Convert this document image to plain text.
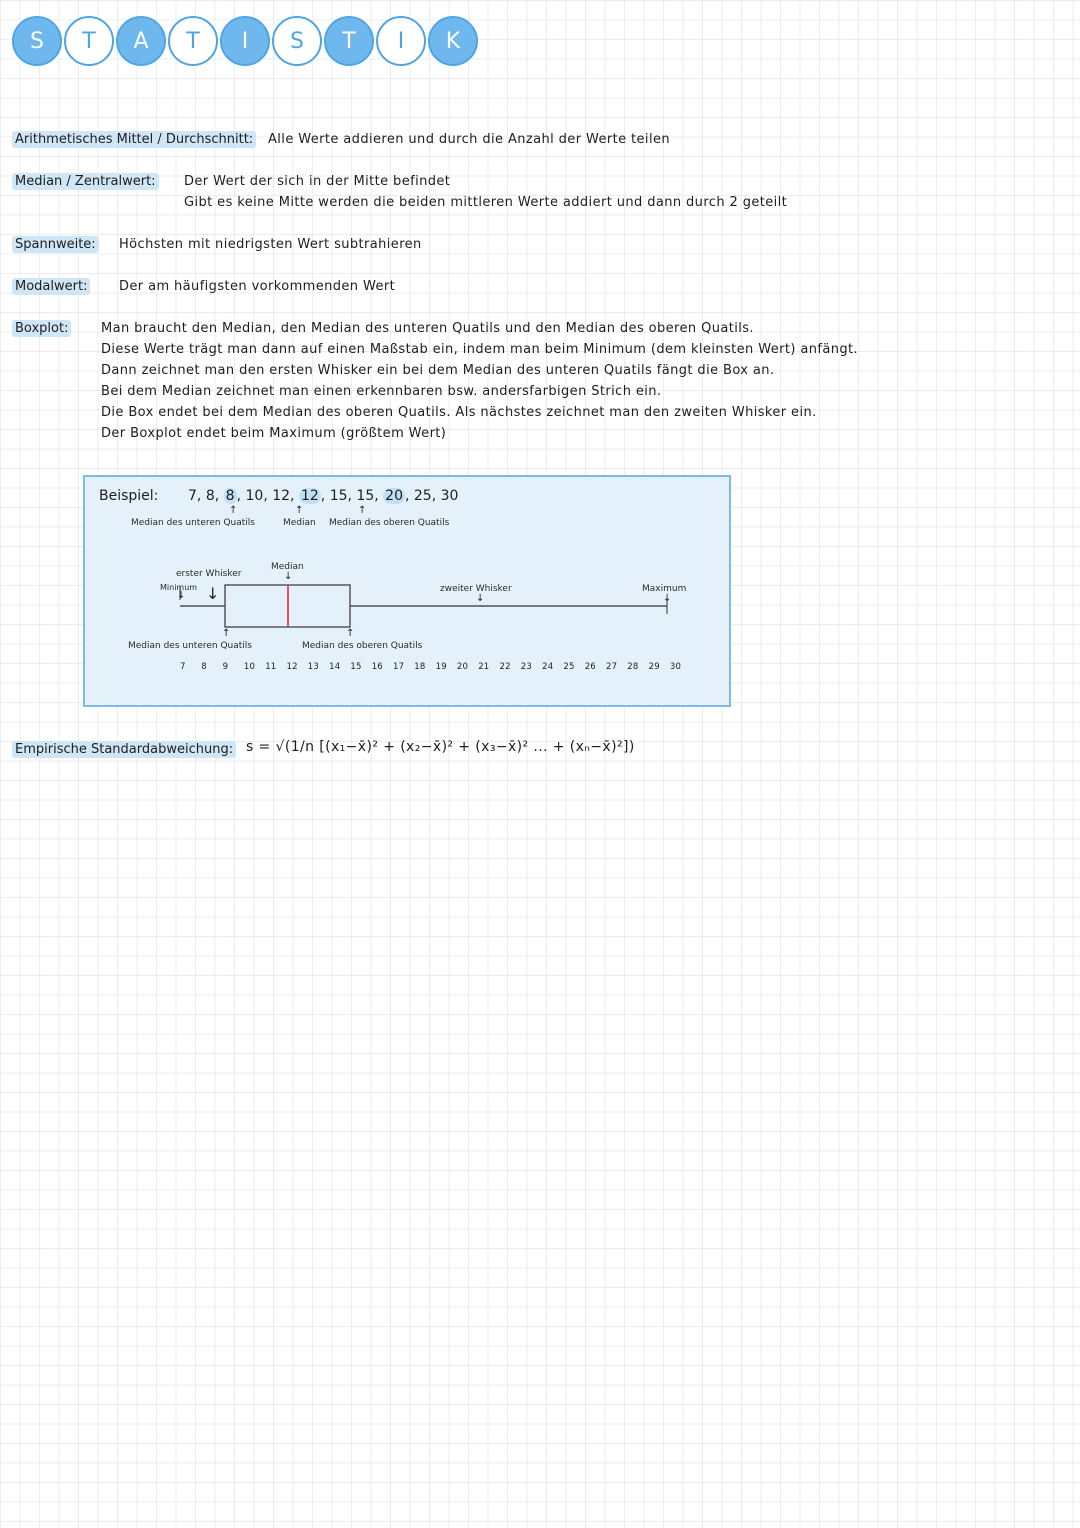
S	T	A	T	I	S	T	I	K
Arithmetisches Mittel / Durchschnitt: Alle Werte addieren und durch die Anzahl der Werte teilen
Median / Zentralwert: Der Wert der sich in der Mitte befindet
Gibt es keine Mitte werden die beiden mittleren Werte addiert und dann durch 2 geteilt
Spannweite: Höchsten mit niedrigsten Wert subtrahieren
Modalwert: Der am häufigsten vorkommenden Wert
Boxplot:	Man braucht den Median, den Median des unteren Quatils und den Median des oberen Quatils.
Diese Werte trägt man dann auf einen Maßstab ein, indem man beim Minimum (dem kleinsten Wert) anfängt.
Dann zeichnet man den ersten Whisker ein bei dem Median des unteren Quatils fängt die Box an.
Bei dem Median zeichnet man einen erkennbaren bsw. andersfarbigen Strich ein.
Die Box endet bei dem Median des oberen Quatils. Als nächstes zeichnet man den zweiten Whisker ein.
Der Boxplot endet beim Maximum (größtem Wert)
Beispiel: 7, 8, 8 , 10, 12, 12 , 15, 15, 20 , 25, 30
↑	↑	↑
Median des unteren Quatils	Median Median des oberen Quatils
erster Whisker
Minimum
↓ ↓
Median
↓
zweiter Whisker
↓
Maximum
↓
↑	↑
Median des unteren Quatils	Median des oberen Quatils
7 8 9 10 11 12 13 14 15 16 17 18 19 20 21 22 23 24 25 26 27 28 29 30
Empirische Standardabweichung: s = √(1/n [(x₁−x̄)² + (x₂−x̄)² + (x₃−x̄)² ... + (xₙ−x̄)²])
